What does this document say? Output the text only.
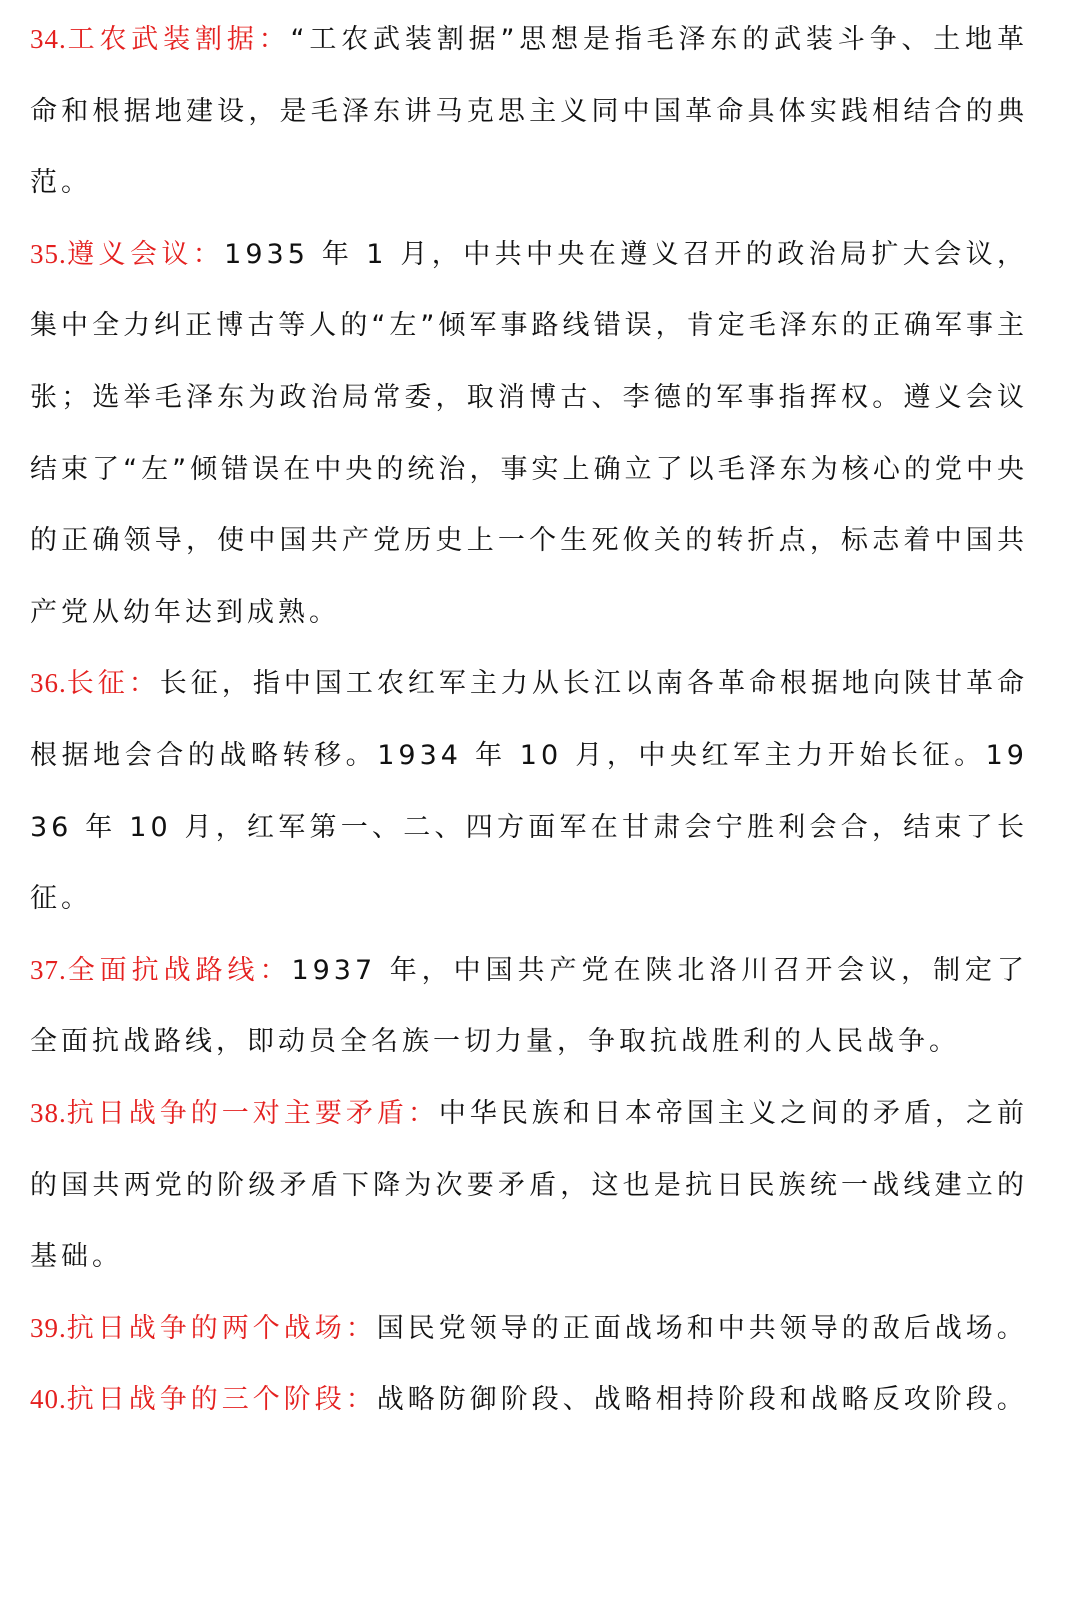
34.工农武装割据：“工农武装割据”思想是指毛泽东的武装斗争、土地革命和根据地建设，是毛泽东讲马克思主义同中国革命具体实践相结合的典范。

35.遵义会议：1935 年 1 月，中共中央在遵义召开的政治局扩大会议，集中全力纠正博古等人的“左”倾军事路线错误，肯定毛泽东的正确军事主张；选举毛泽东为政治局常委，取消博古、李德的军事指挥权。遵义会议结束了“左”倾错误在中央的统治，事实上确立了以毛泽东为核心的党中央的正确领导，使中国共产党历史上一个生死攸关的转折点，标志着中国共产党从幼年达到成熟。

36.长征：长征，指中国工农红军主力从长江以南各革命根据地向陕甘革命根据地会合的战略转移。1934 年 10 月，中央红军主力开始长征。1936 年 10 月，红军第一、二、四方面军在甘肃会宁胜利会合，结束了长征。

37.全面抗战路线：1937 年，中国共产党在陕北洛川召开会议，制定了全面抗战路线，即动员全名族一切力量，争取抗战胜利的人民战争。

38.抗日战争的一对主要矛盾：中华民族和日本帝国主义之间的矛盾，之前的国共两党的阶级矛盾下降为次要矛盾，这也是抗日民族统一战线建立的基础。

39.抗日战争的两个战场：国民党领导的正面战场和中共领导的敌后战场。

40.抗日战争的三个阶段：战略防御阶段、战略相持阶段和战略反攻阶段。
